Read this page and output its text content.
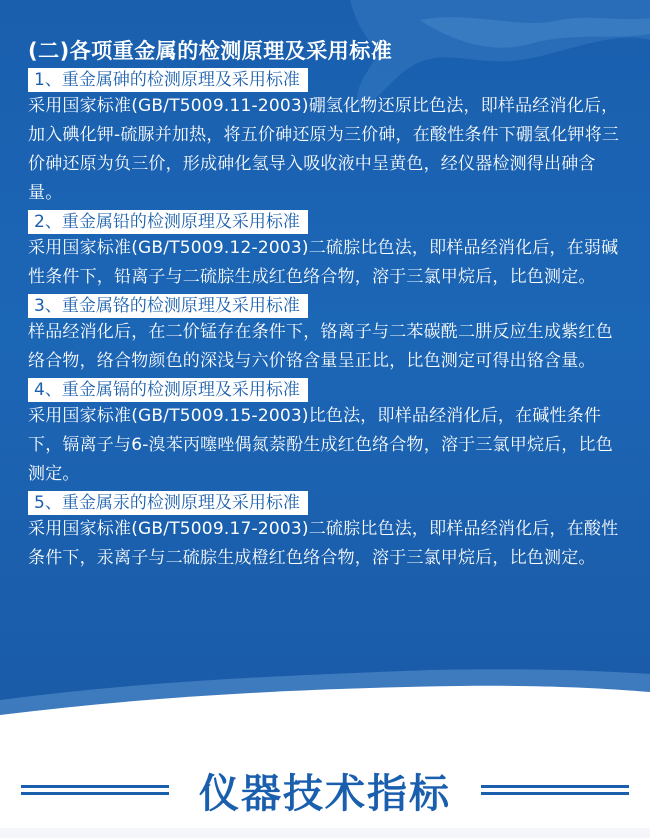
(二)各项重金属的检测原理及采用标准
1、重金属砷的检测原理及采用标准

采用国家标准(GB/T5009.11-2003)硼氢化物还原比色法，即样品经消化后，加入碘化钾-硫脲并加热，将五价砷还原为三价砷，在酸性条件下硼氢化钾将三价砷还原为负三价，形成砷化氢导入吸收液中呈黄色，经仪器检测得出砷含量。

2、重金属铅的检测原理及采用标准

采用国家标准(GB/T5009.12-2003)二硫腙比色法，即样品经消化后，在弱碱性条件下，铅离子与二硫腙生成红色络合物，溶于三氯甲烷后，比色测定。

3、重金属铬的检测原理及采用标准

样品经消化后，在二价锰存在条件下，铬离子与二苯碳酰二肼反应生成紫红色络合物，络合物颜色的深浅与六价铬含量呈正比，比色测定可得出铬含量。

4、重金属镉的检测原理及采用标准

采用国家标准(GB/T5009.15-2003)比色法，即样品经消化后，在碱性条件下，镉离子与6-溴苯丙噻唑偶氮萘酚生成红色络合物，溶于三氯甲烷后，比色测定。

5、重金属汞的检测原理及采用标准

采用国家标准(GB/T5009.17-2003)二硫腙比色法，即样品经消化后，在酸性条件下，汞离子与二硫腙生成橙红色络合物，溶于三氯甲烷后，比色测定。

仪器技术指标
